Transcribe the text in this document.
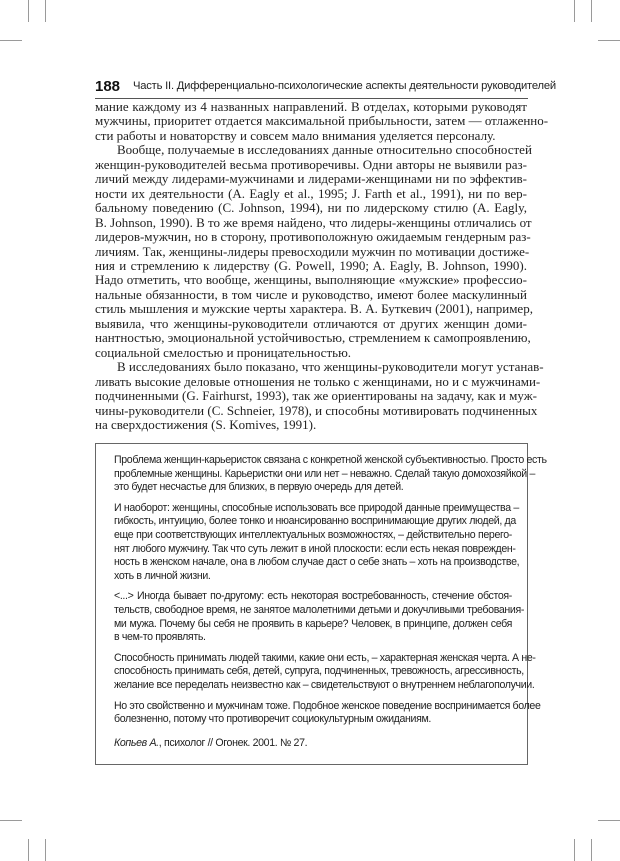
188 Часть II. Дифференциально-психологические аспекты деятельности руководителей
мание каждому из 4 названных направлений. В отделах, которыми руководят
мужчины, приоритет отдается максимальной прибыльности, затем — отлаженно-
сти работы и новаторству и совсем мало внимания уделяется персоналу.
Вообще, получаемые в исследованиях данные относительно способностей
женщин-руководителей весьма противоречивы. Одни авторы не выявили раз-
личий между лидерами-мужчинами и лидерами-женщинами ни по эффектив-
ности их деятельности (A. Eagly et al., 1995; J. Farth et al., 1991), ни по вер-
бальному поведению (C. Johnson, 1994), ни по лидерскому стилю (A. Eagly,
B. Johnson, 1990). В то же время найдено, что лидеры-женщины отличались от
лидеров-мужчин, но в сторону, противоположную ожидаемым гендерным раз-
личиям. Так, женщины-лидеры превосходили мужчин по мотивации достиже-
ния и стремлению к лидерству (G. Powell, 1990; A. Eagly, B. Johnson, 1990).
Надо отметить, что вообще, женщины, выполняющие «мужские» профессио-
нальные обязанности, в том числе и руководство, имеют более маскулинный
стиль мышления и мужские черты характера. В. А. Буткевич (2001), например,
выявила, что женщины-руководители отличаются от других женщин доми-
нантностью, эмоциональной устойчивостью, стремлением к самопроявлению,
социальной смелостью и проницательностью.
В исследованиях было показано, что женщины-руководители могут устанав-
ливать высокие деловые отношения не только с женщинами, но и с мужчинами-
подчиненными (G. Fairhurst, 1993), так же ориентированы на задачу, как и муж-
чины-руководители (C. Schneier, 1978), и способны мотивировать подчиненных
на сверхдостижения (S. Komives, 1991).
Проблема женщин-карьеристок связана с конкретной женской субъективностью. Просто есть
проблемные женщины. Карьеристки они или нет – неважно. Сделай такую домохозяйкой –
это будет несчастье для близких, в первую очередь для детей.
И наоборот: женщины, способные использовать все природой данные преимущества –
гибкость, интуицию, более тонко и нюансированно воспринимающие других людей, да
еще при соответствующих интеллектуальных возможностях, – действительно перего-
нят любого мужчину. Так что суть лежит в иной плоскости: если есть некая поврежден-
ность в женском начале, она в любом случае даст о себе знать – хоть на производстве,
хоть в личной жизни.
<...> Иногда бывает по-другому: есть некоторая востребованность, стечение обстоя-
тельств, свободное время, не занятое малолетними детьми и докучливыми требования-
ми мужа. Почему бы себя не проявить в карьере? Человек, в принципе, должен себя
в чем-то проявлять.
Способность принимать людей такими, какие они есть, – характерная женская черта. А не-
способность принимать себя, детей, супруга, подчиненных, тревожность, агрессивность,
желание все переделать неизвестно как – свидетельствуют о внутреннем неблагополучии.
Но это свойственно и мужчинам тоже. Подобное женское поведение воспринимается более
болезненно, потому что противоречит социокультурным ожиданиям.
Копьев А., психолог // Огонек. 2001. № 27.
